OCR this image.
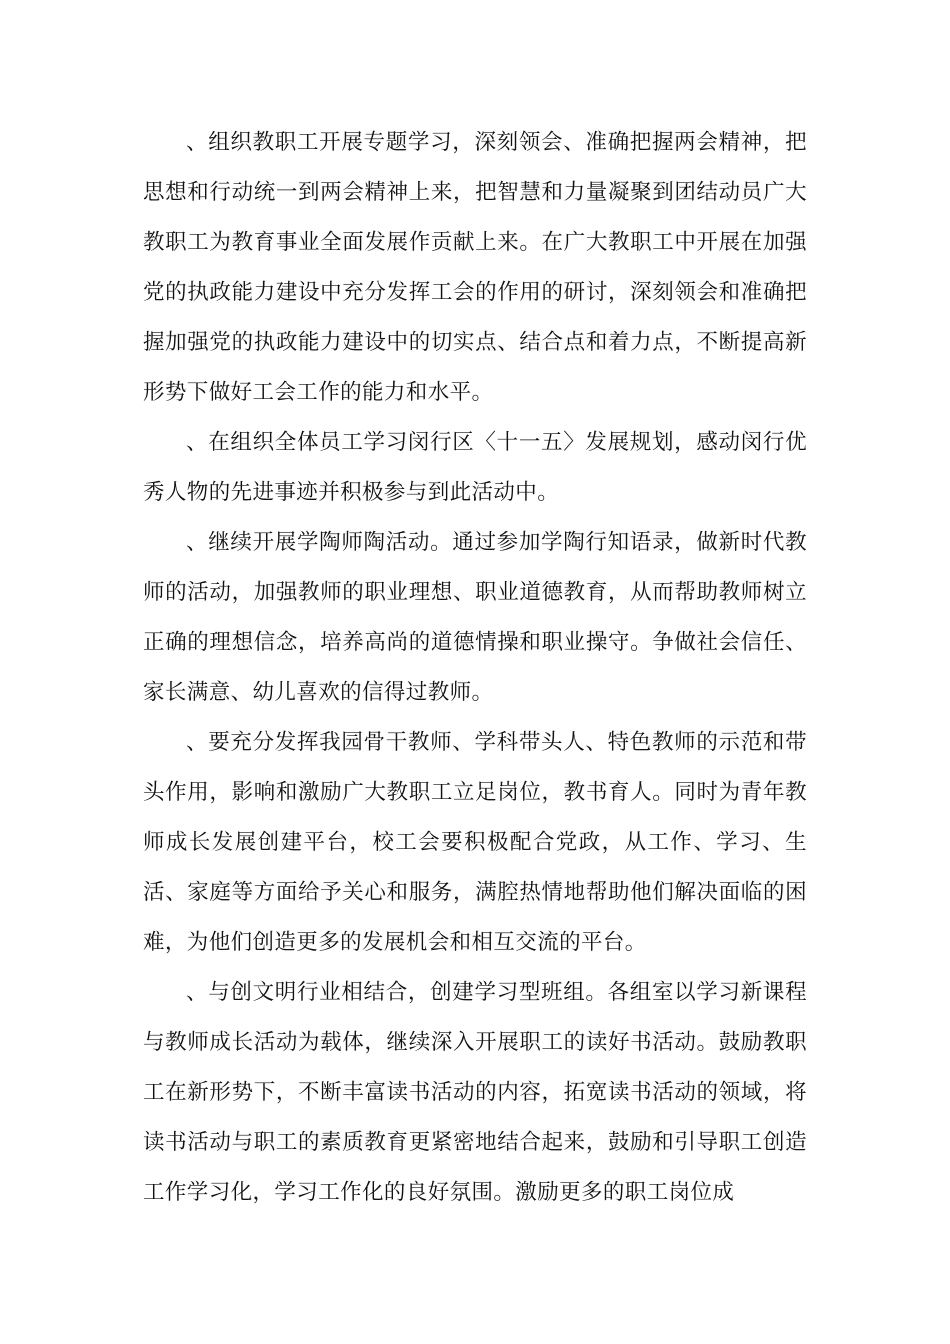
、组织教职工开展专题学习，深刻领会、准确把握两会精神，把思想和行动统一到两会精神上来，把智慧和力量凝聚到团结动员广大教职工为教育事业全面发展作贡献上来。在广大教职工中开展在加强党的执政能力建设中充分发挥工会的作用的研讨，深刻领会和准确把握加强党的执政能力建设中的切实点、结合点和着力点，不断提高新形势下做好工会工作的能力和水平。

、在组织全体员工学习闵行区〈十一五〉发展规划，感动闵行优秀人物的先进事迹并积极参与到此活动中。

、继续开展学陶师陶活动。通过参加学陶行知语录，做新时代教师的活动，加强教师的职业理想、职业道德教育，从而帮助教师树立正确的理想信念，培养高尚的道德情操和职业操守。争做社会信任、家长满意、幼儿喜欢的信得过教师。

、要充分发挥我园骨干教师、学科带头人、特色教师的示范和带头作用，影响和激励广大教职工立足岗位，教书育人。同时为青年教师成长发展创建平台，校工会要积极配合党政，从工作、学习、生活、家庭等方面给予关心和服务，满腔热情地帮助他们解决面临的困难，为他们创造更多的发展机会和相互交流的平台。

、与创文明行业相结合，创建学习型班组。各组室以学习新课程与教师成长活动为载体，继续深入开展职工的读好书活动。鼓励教职工在新形势下，不断丰富读书活动的内容，拓宽读书活动的领域，将读书活动与职工的素质教育更紧密地结合起来，鼓励和引导职工创造工作学习化，学习工作化的良好氛围。激励更多的职工岗位成
